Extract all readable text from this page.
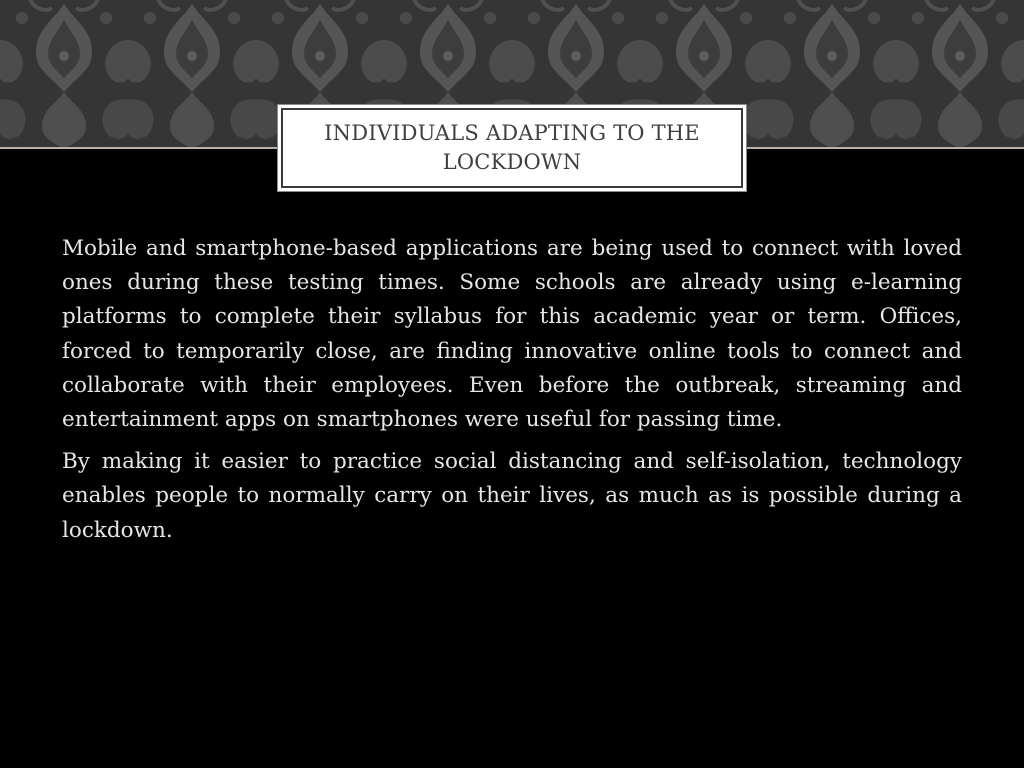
INDIVIDUALS ADAPTING TO THE LOCKDOWN

Mobile and smartphone-based applications are being used to connect with loved ones during these testing times. Some schools are already using e-learning platforms to complete their syllabus for this academic year or term. Offices, forced to temporarily close, are finding innovative online tools to connect and collaborate with their employees. Even before the outbreak, streaming and entertainment apps on smartphones were useful for passing time.

By making it easier to practice social distancing and self-isolation, technology enables people to normally carry on their lives, as much as is possible during a lockdown.
